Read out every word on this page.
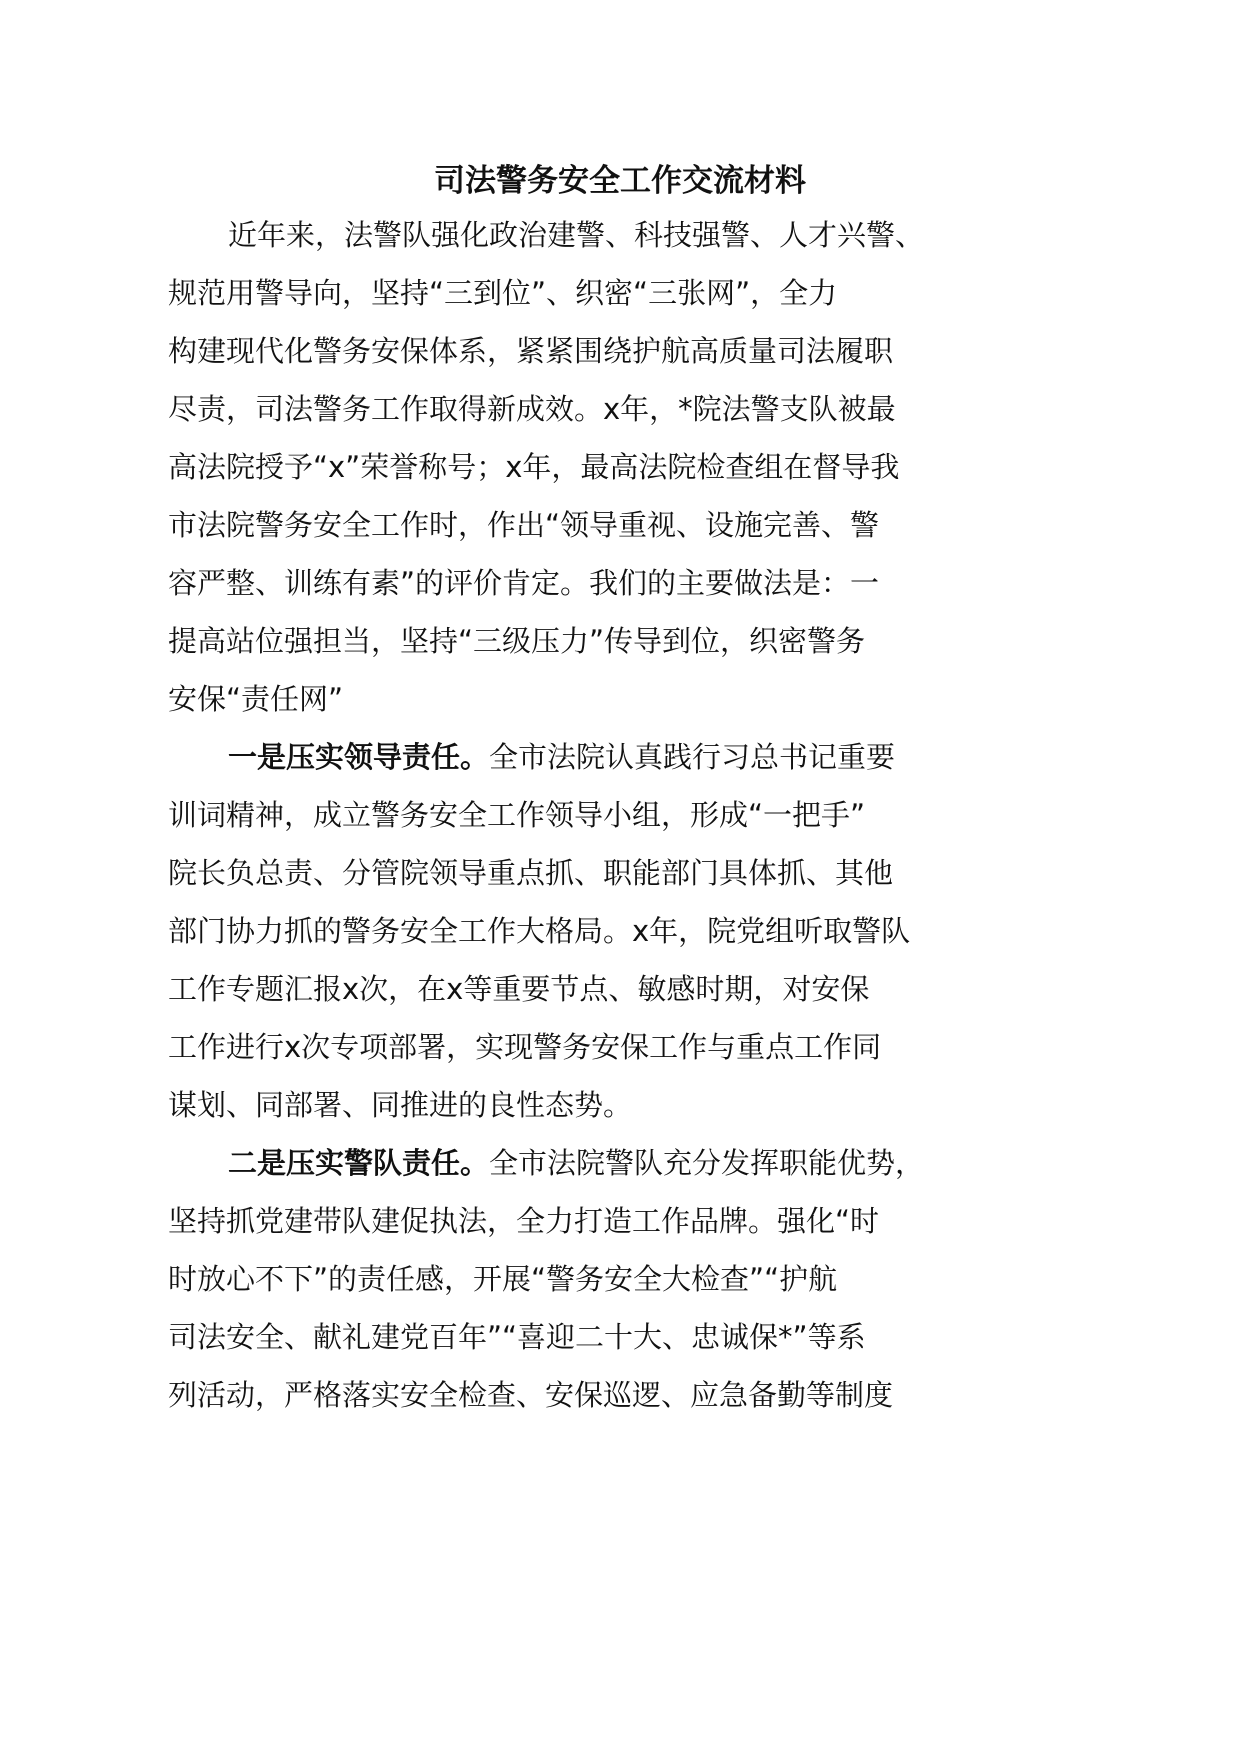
司法警务安全工作交流材料
近年来，法警队强化政治建警、科技强警、人才兴警、
规范用警导向，坚持“三到位”、织密“三张网”，全力
构建现代化警务安保体系，紧紧围绕护航高质量司法履职
尽责，司法警务工作取得新成效。x年，*院法警支队被最
高法院授予“x”荣誉称号；x年，最高法院检查组在督导我
市法院警务安全工作时，作出“领导重视、设施完善、警
容严整、训练有素”的评价肯定。我们的主要做法是：一
提高站位强担当，坚持“三级压力”传导到位，织密警务
安保“责任网”
一是压实领导责任。全市法院认真践行习总书记重要
训词精神，成立警务安全工作领导小组，形成“一把手”
院长负总责、分管院领导重点抓、职能部门具体抓、其他
部门协力抓的警务安全工作大格局。x年，院党组听取警队
工作专题汇报x次，在x等重要节点、敏感时期，对安保
工作进行x次专项部署，实现警务安保工作与重点工作同
谋划、同部署、同推进的良性态势。
二是压实警队责任。全市法院警队充分发挥职能优势，
坚持抓党建带队建促执法，全力打造工作品牌。强化“时
时放心不下”的责任感，开展“警务安全大检查”“护航
司法安全、献礼建党百年”“喜迎二十大、忠诚保*”等系
列活动，严格落实安全检查、安保巡逻、应急备勤等制度
